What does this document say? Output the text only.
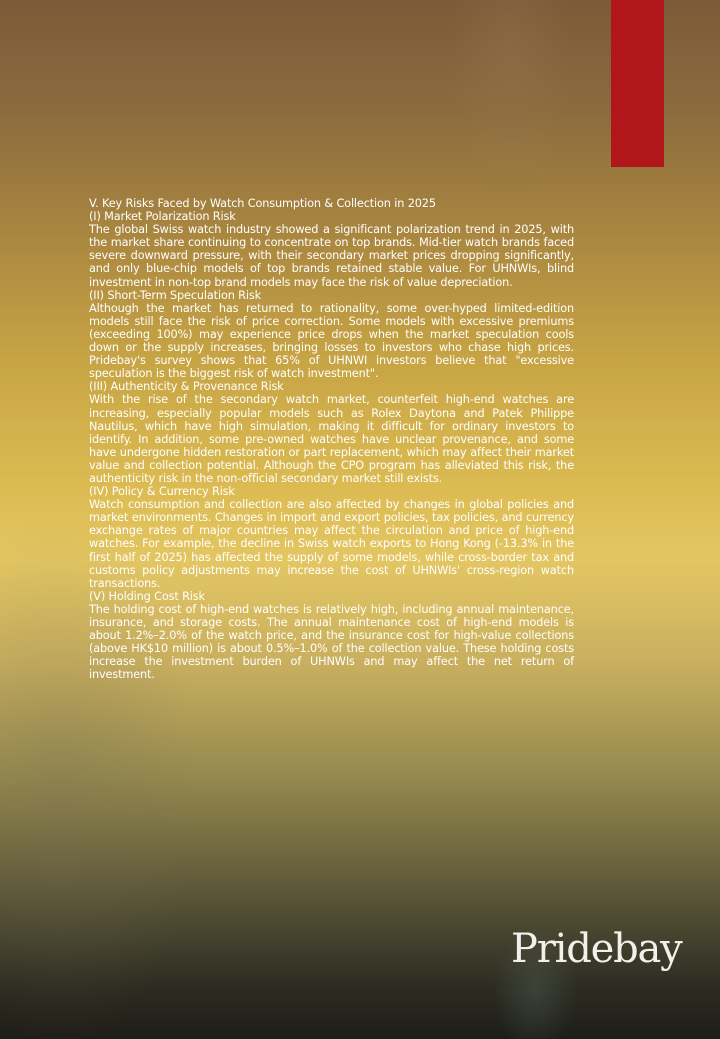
V. Key Risks Faced by Watch Consumption & Collection in 2025
(I) Market Polarization Risk

The global Swiss watch industry showed a significant polarization trend in 2025, with the market share continuing to concentrate on top brands. Mid-tier watch brands faced severe downward pressure, with their secondary market prices dropping significantly, and only blue-chip models of top brands retained stable value. For UHNWIs, blind investment in non-top brand models may face the risk of value depreciation.

(II) Short-Term Speculation Risk

Although the market has returned to rationality, some over-hyped limited-edition models still face the risk of price correction. Some models with excessive premiums (exceeding 100%) may experience price drops when the market speculation cools down or the supply increases, bringing losses to investors who chase high prices. Pridebay's survey shows that 65% of UHNWI investors believe that "excessive speculation is the biggest risk of watch investment".

(III) Authenticity & Provenance Risk

With the rise of the secondary watch market, counterfeit high-end watches are increasing, especially popular models such as Rolex Daytona and Patek Philippe Nautilus, which have high simulation, making it difficult for ordinary investors to identify. In addition, some pre-owned watches have unclear provenance, and some have undergone hidden restoration or part replacement, which may affect their market value and collection potential. Although the CPO program has alleviated this risk, the authenticity risk in the non-official secondary market still exists.

(IV) Policy & Currency Risk

Watch consumption and collection are also affected by changes in global policies and market environments. Changes in import and export policies, tax policies, and currency exchange rates of major countries may affect the circulation and price of high-end watches. For example, the decline in Swiss watch exports to Hong Kong (-13.3% in the first half of 2025) has affected the supply of some models, while cross-border tax and customs policy adjustments may increase the cost of UHNWIs' cross-region watch transactions.

(V) Holding Cost Risk

The holding cost of high-end watches is relatively high, including annual maintenance, insurance, and storage costs. The annual maintenance cost of high-end models is about 1.2%–2.0% of the watch price, and the insurance cost for high-value collections (above HK$10 million) is about 0.5%–1.0% of the collection value. These holding costs increase the investment burden of UHNWIs and may affect the net return of investment.

Pridebay
